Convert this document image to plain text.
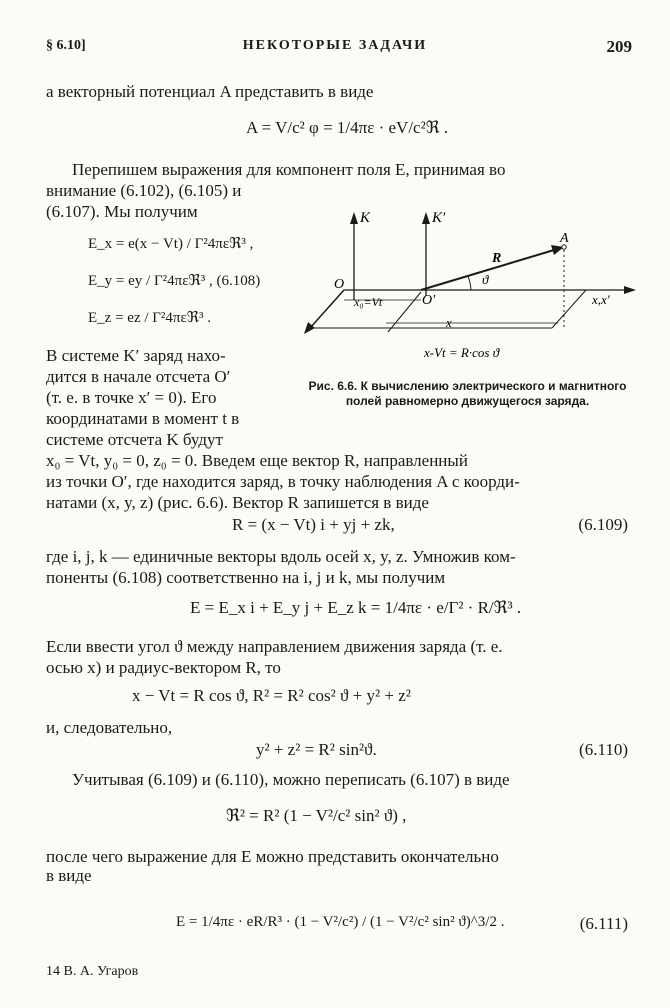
§ 6.10]	НЕКОТОРЫЕ ЗАДАЧИ	209
а векторный потенциал A представить в виде
A = V/c² φ = 1/4πε · eV/c²ℜ .
Перепишем выражения для компонент поля E, принимая во
внимание (6.102), (6.105) и
(6.107). Мы получим
E_x = e(x − Vt) / Γ²4πεℜ³ ,
E_y = ey / Γ²4πεℜ³ , (6.108)
E_z = ez / Γ²4πεℜ³ .
K	K′
A
O
O′
R
ϑ
x₀=Vt
x
x,x′
x-Vt = R·cos ϑ
Рис. 6.6. К вычислению электрического и магнитного полей равномерно движущегося заряда.
В системе K′ заряд нахо-
дится в начале отсчета O′
(т. е. в точке x′ = 0). Его
координатами в момент t в
системе отсчета K будут
x₀ = Vt, y₀ = 0, z₀ = 0. Введем еще вектор R, направленный
из точки O′, где находится заряд, в точку наблюдения A с коорди-
натами (x, y, z) (рис. 6.6). Вектор R запишется в виде
R = (x − Vt) i + yj + zk,	(6.109)
где i, j, k — единичные векторы вдоль осей x, y, z. Умножив ком-
поненты (6.108) соответственно на i, j и k, мы получим
E = E_x i + E_y j + E_z k = 1/4πε · e/Γ² · R/ℜ³ .
Если ввести угол ϑ между направлением движения заряда (т. е.
осью x) и радиус-вектором R, то
x − Vt = R cos ϑ, R² = R² cos² ϑ + y² + z²
и, следовательно,
y² + z² = R² sin²ϑ.	(6.110)
Учитывая (6.109) и (6.110), можно переписать (6.107) в виде
ℜ² = R² (1 − V²/c² sin² ϑ) ,
после чего выражение для E можно представить окончательно
в виде
E = 1/4πε · eR/R³ · (1 − V²/c²) / (1 − V²/c² sin² ϑ)^3/2 .	(6.111)
14 В. А. Угаров
